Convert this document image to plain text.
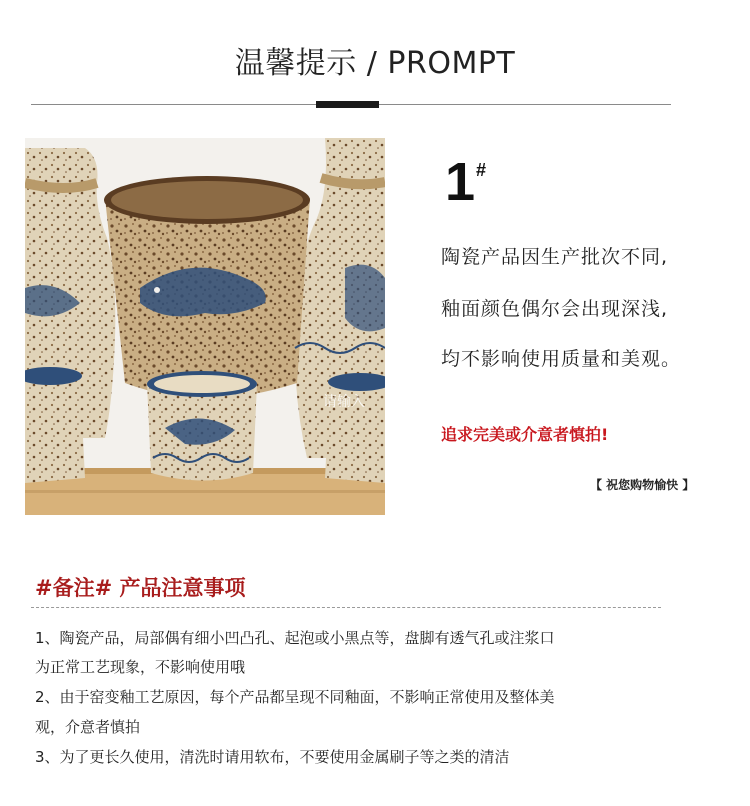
温馨提示 / PROMPT
请输入
1 #
陶瓷产品因生产批次不同,
釉面颜色偶尔会出现深浅,
均不影响使用质量和美观。
追求完美或介意者慎拍!
【 祝您购物愉快 】
#备注# 产品注意事项
1、陶瓷产品，局部偶有细小凹凸孔、起泡或小黑点等，盘脚有透气孔或注浆口
为正常工艺现象，不影响使用哦
2、由于窑变釉工艺原因，每个产品都呈现不同釉面，不影响正常使用及整体美
观，介意者慎拍
3、为了更长久使用，清洗时请用软布，不要使用金属刷子等之类的清洁
